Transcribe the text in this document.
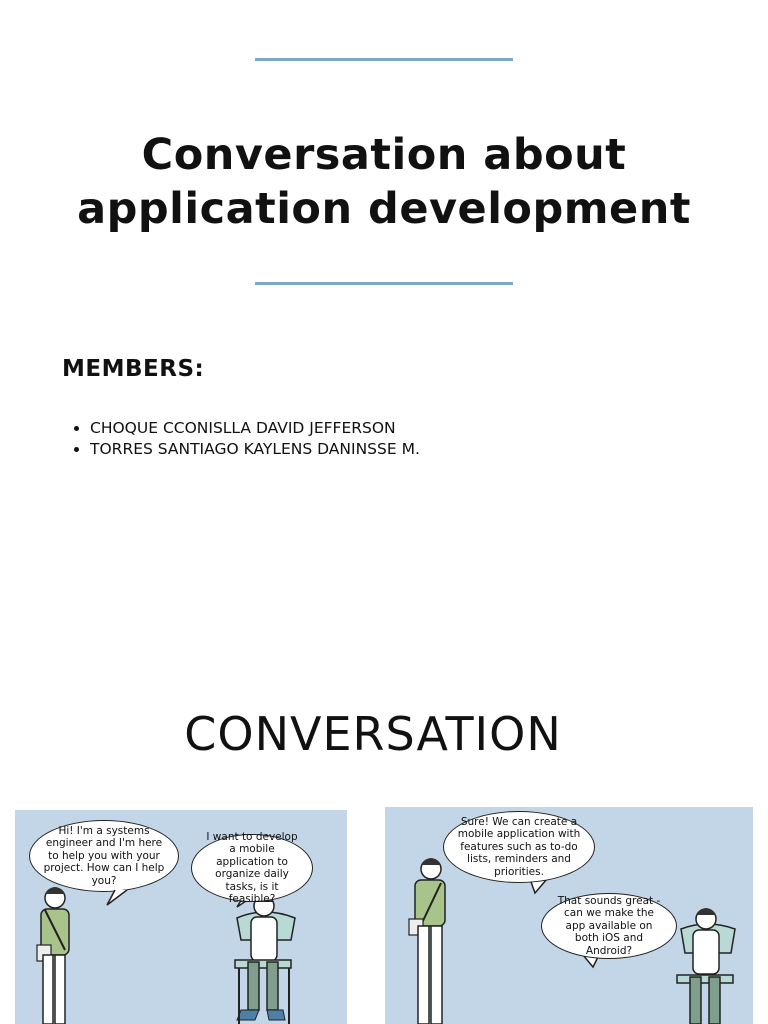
Conversation about application development
MEMBERS:
• CHOQUE CCONISLLA DAVID JEFFERSON
• TORRES SANTIAGO KAYLENS DANINSSE M.
CONVERSATION
Hi! I'm a systems engineer and I'm here to help you with your project. How can I help you?
I want to develop a mobile application to organize daily tasks, is it feasible?
Sure! We can create a mobile application with features such as to-do lists, reminders and priorities.
That sounds great - can we make the app available on both iOS and Android?
